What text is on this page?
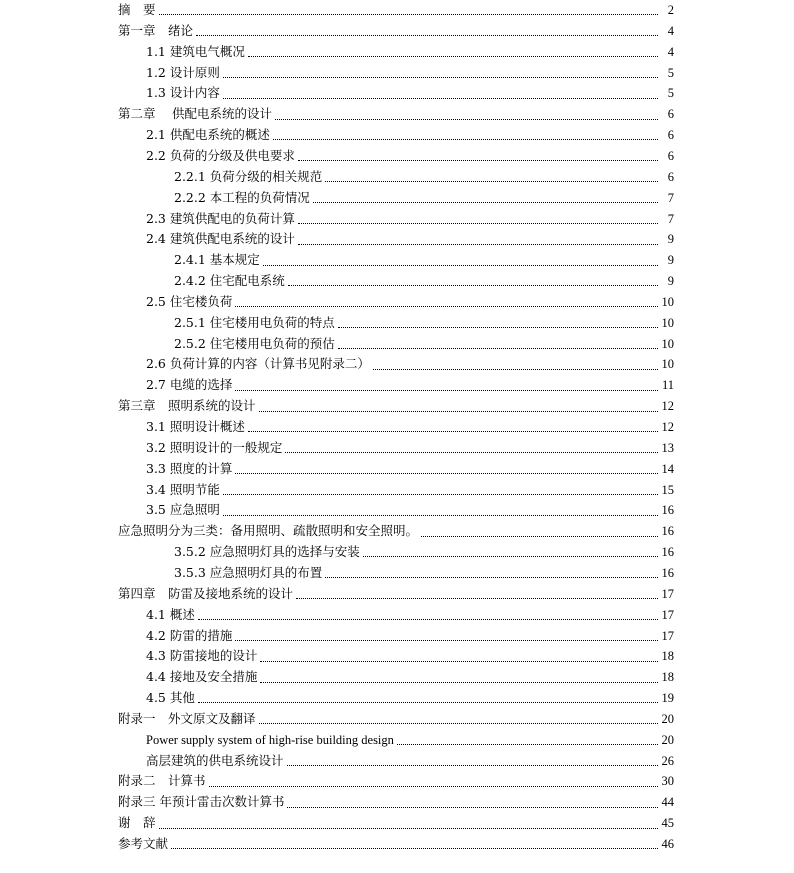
摘　要	2
第一章　绪论	4
1.1 建筑电气概况	4
1.2 设计原则	5
1.3 设计内容	5
第二章　 供配电系统的设计	6
2.1 供配电系统的概述	6
2.2 负荷的分级及供电要求	6
2.2.1 负荷分级的相关规范	6
2.2.2 本工程的负荷情况	7
2.3 建筑供配电的负荷计算	7
2.4 建筑供配电系统的设计	9
2.4.1 基本规定	9
2.4.2 住宅配电系统	9
2.5 住宅楼负荷	10
2.5.1 住宅楼用电负荷的特点	10
2.5.2 住宅楼用电负荷的预估	10
2.6 负荷计算的内容（计算书见附录二）	10
2.7 电缆的选择	11
第三章　照明系统的设计	12
3.1 照明设计概述	12
3.2 照明设计的一般规定	13
3.3 照度的计算	14
3.4 照明节能	15
3.5 应急照明	16
应急照明分为三类：备用照明、疏散照明和安全照明。	16
3.5.2 应急照明灯具的选择与安装	16
3.5.3 应急照明灯具的布置	16
第四章　防雷及接地系统的设计	17
4.1 概述	17
4.2 防雷的措施	17
4.3 防雷接地的设计	18
4.4 接地及安全措施	18
4.5 其他	19
附录一　外文原文及翻译	20
Power supply system of high-rise building design	20
高层建筑的供电系统设计	26
附录二　计算书	30
附录三 年预计雷击次数计算书	44
谢　辞	45
参考文献	46
